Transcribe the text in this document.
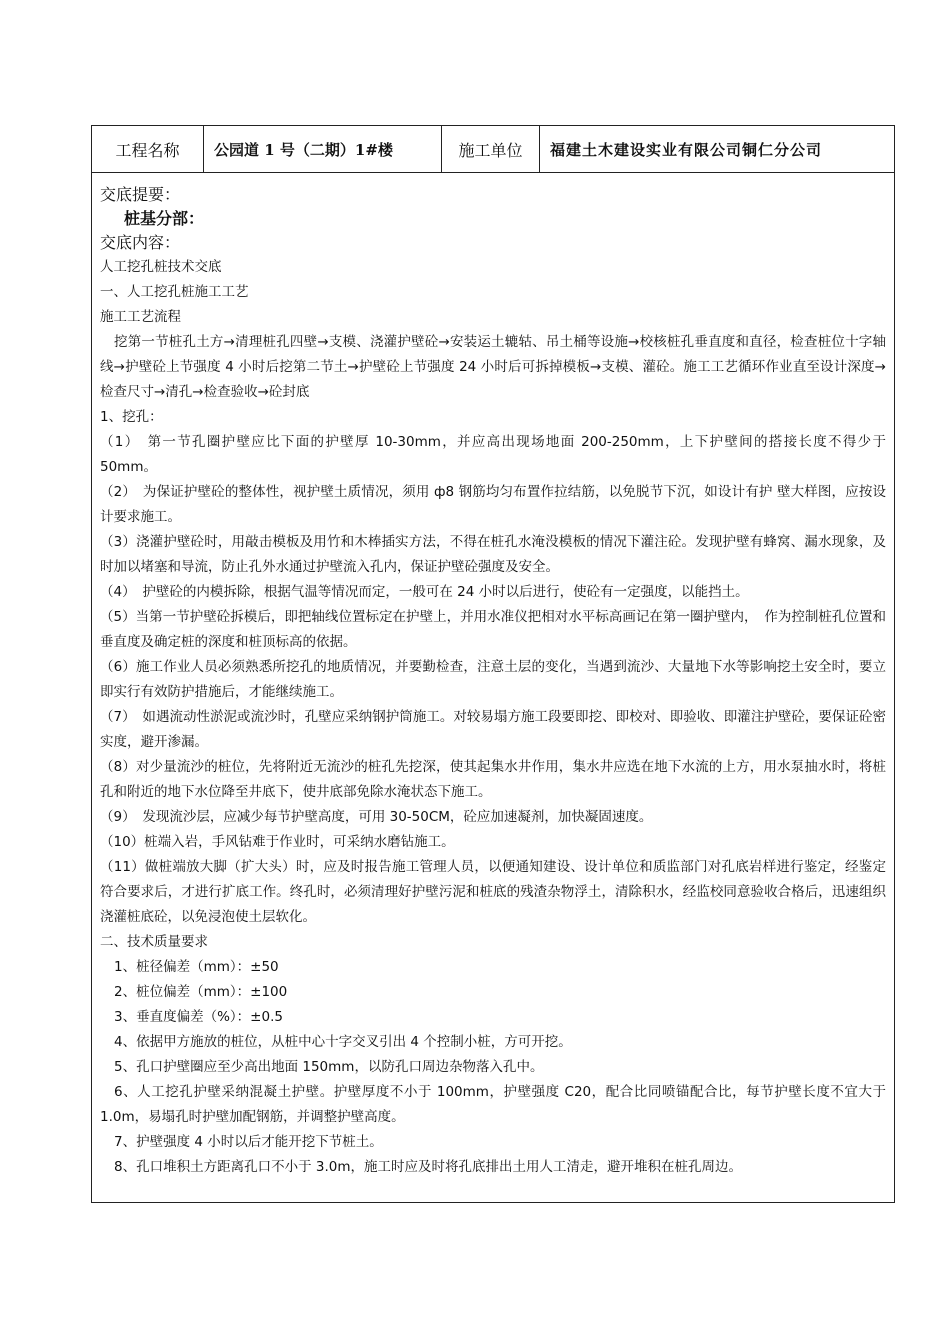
工程名称	公园道 1 号（二期）1#楼	施工单位	福建土木建设实业有限公司铜仁分公司
交底提要：
桩基分部：
交底内容：
人工挖孔桩技术交底
一、人工挖孔桩施工工艺
施工工艺流程
挖第一节桩孔土方→清理桩孔四壁→支模、浇灌护壁砼→安装运土辘轱、吊土桶等设施→校核桩孔垂直度和直径，检查桩位十字轴线→护壁砼上节强度 4 小时后挖第二节土→护壁砼上节强度 24 小时后可拆掉模板→支模、灌砼。施工工艺循环作业直至设计深度→检查尺寸→清孔→检查验收→砼封底
1、挖孔：
（1）　第一节孔圈护壁应比下面的护壁厚 10-30mm，并应高出现场地面 200-250mm，上下护壁间的搭接长度不得少于 50mm。
（2）　为保证护壁砼的整体性，视护壁土质情况，须用 ф8 钢筋均匀布置作拉结筋，以免脱节下沉，如设计有护 壁大样图，应按设计要求施工。
（3）浇灌护壁砼时，用敲击模板及用竹和木棒插实方法，不得在桩孔水淹没模板的情况下灌注砼。发现护壁有蜂窝、漏水现象，及时加以堵塞和导流，防止孔外水通过护壁流入孔内，保证护壁砼强度及安全。
（4）　护壁砼的内模拆除，根据气温等情况而定，一般可在 24 小时以后进行，使砼有一定强度，以能挡土。
（5）当第一节护壁砼拆模后，即把轴线位置标定在护壁上，并用水准仪把相对水平标高画记在第一圈护壁内，　作为控制桩孔位置和垂直度及确定桩的深度和桩顶标高的依据。
（6）施工作业人员必须熟悉所挖孔的地质情况，并要勤检查，注意土层的变化，当遇到流沙、大量地下水等影响挖土安全时，要立即实行有效防护措施后，才能继续施工。
（7）　如遇流动性淤泥或流沙时，孔壁应采纳钢护筒施工。对较易塌方施工段要即挖、即校对、即验收、即灌注护壁砼，要保证砼密实度，避开渗漏。
（8）对少量流沙的桩位，先将附近无流沙的桩孔先挖深，使其起集水井作用，集水井应选在地下水流的上方，用水泵抽水时，将桩孔和附近的地下水位降至井底下，使井底部免除水淹状态下施工。
（9）　发现流沙层，应减少每节护壁高度，可用 30-50CM，砼应加速凝剂，加快凝固速度。
（10）桩端入岩，手风钻难于作业时，可采纳水磨钻施工。
（11）做桩端放大脚（扩大头）时，应及时报告施工管理人员，以便通知建设、设计单位和质监部门对孔底岩样进行鉴定，经鉴定符合要求后，才进行扩底工作。终孔时，必须清理好护壁污泥和桩底的残渣杂物浮土，清除积水，经监校同意验收合格后，迅速组织浇灌桩底砼，以免浸泡使土层软化。
二、技术质量要求
1、桩径偏差（mm）：±50
2、桩位偏差（mm）：±100
3、垂直度偏差（%）：±0.5
4、依据甲方施放的桩位，从桩中心十字交叉引出 4 个控制小桩，方可开挖。
5、孔口护壁圈应至少高出地面 150mm，以防孔口周边杂物落入孔中。
6、人工挖孔护壁采纳混凝土护壁。护壁厚度不小于 100mm，护壁强度 C20，配合比同喷锚配合比，每节护壁长度不宜大于 1.0m，易塌孔时护壁加配钢筋，并调整护壁高度。
7、护壁强度 4 小时以后才能开挖下节桩土。
8、孔口堆积土方距离孔口不小于 3.0m，施工时应及时将孔底排出土用人工清走，避开堆积在桩孔周边。
